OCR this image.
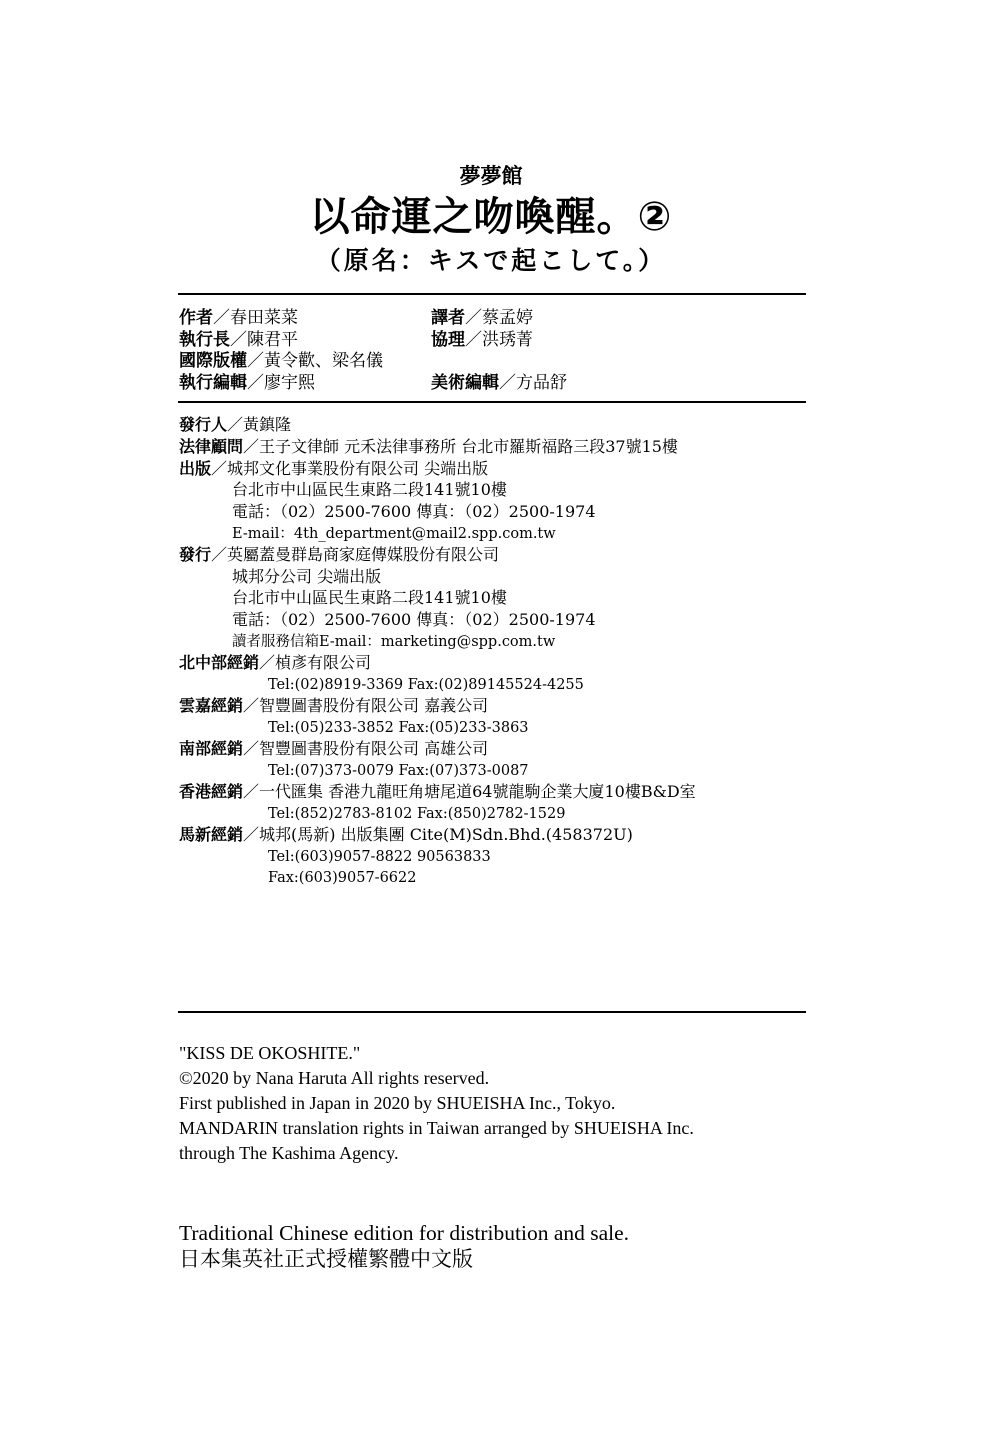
夢夢館
以命運之吻喚醒。②
（原名：キスで起こして。）
作者／春田菜菜	譯者／蔡孟婷
執行長／陳君平	協理／洪琇菁
國際版權／黃令歡、梁名儀
執行編輯／廖宇熙	美術編輯／方品舒
發行人／黃鎮隆
法律顧問／王子文律師 元禾法律事務所 台北市羅斯福路三段37號15樓
出版／城邦文化事業股份有限公司 尖端出版
台北市中山區民生東路二段141號10樓
電話：（02）2500-7600 傳真：（02）2500-1974
E-mail：4th_department@mail2.spp.com.tw
發行／英屬蓋曼群島商家庭傳媒股份有限公司
城邦分公司 尖端出版
台北市中山區民生東路二段141號10樓
電話：（02）2500-7600 傳真：（02）2500-1974
讀者服務信箱E-mail：marketing@spp.com.tw
北中部經銷／楨彥有限公司
Tel:(02)8919-3369 Fax:(02)89145524-4255
雲嘉經銷／智豐圖書股份有限公司 嘉義公司
Tel:(05)233-3852 Fax:(05)233-3863
南部經銷／智豐圖書股份有限公司 高雄公司
Tel:(07)373-0079 Fax:(07)373-0087
香港經銷／一代匯集 香港九龍旺角塘尾道64號龍駒企業大廈10樓B&D室
Tel:(852)2783-8102 Fax:(850)2782-1529
馬新經銷／城邦(馬新) 出版集團 Cite(M)Sdn.Bhd.(458372U)
Tel:(603)9057-8822 90563833
Fax:(603)9057-6622
"KISS DE OKOSHITE."
©2020 by Nana Haruta All rights reserved.
First published in Japan in 2020 by SHUEISHA Inc., Tokyo.
MANDARIN translation rights in Taiwan arranged by SHUEISHA Inc.
through The Kashima Agency.
Traditional Chinese edition for distribution and sale.
日本集英社正式授權繁體中文版
